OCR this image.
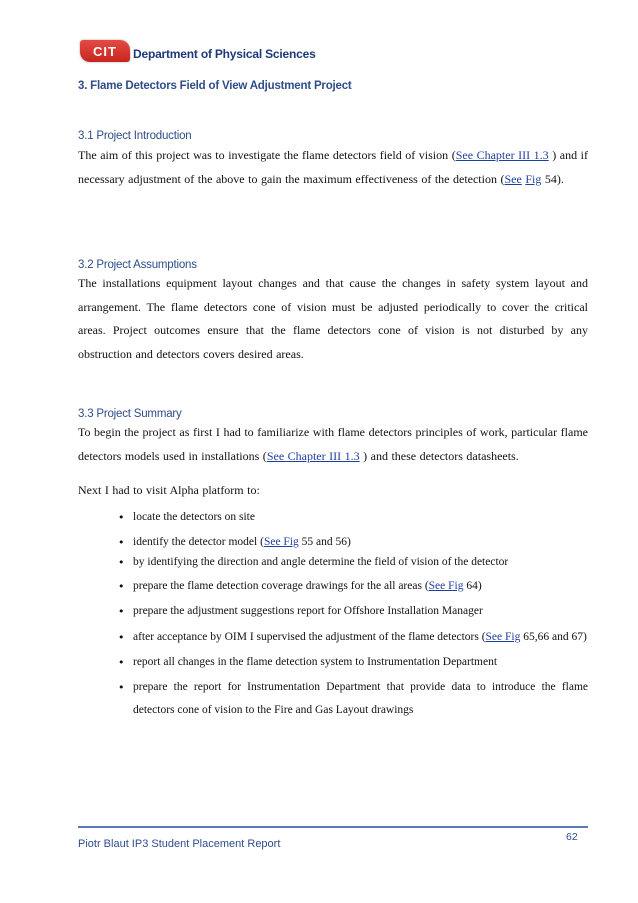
CIT Department of Physical Sciences
3. Flame Detectors Field of View Adjustment Project
3.1 Project Introduction
The aim of this project was to investigate the flame detectors field of vision (See Chapter III 1.3 ) and if necessary adjustment of the above to gain the maximum effectiveness of the detection (See Fig 54).
3.2 Project Assumptions
The installations equipment layout changes and that cause the changes in safety system layout and arrangement. The flame detectors cone of vision must be adjusted periodically to cover the critical areas. Project outcomes ensure that the flame detectors cone of vision is not disturbed by any obstruction and detectors covers desired areas.
3.3 Project Summary
To begin the project as first I had to familiarize with flame detectors principles of work, particular flame detectors models used in installations (See Chapter III 1.3 ) and these detectors datasheets.
Next I had to visit Alpha platform to:
• locate the detectors on site
• identify the detector model (See Fig 55 and 56)
• by identifying the direction and angle determine the field of vision of the detector
• prepare the flame detection coverage drawings for the all areas (See Fig 64)
• prepare the adjustment suggestions report for Offshore Installation Manager
• after acceptance by OIM I supervised the adjustment of the flame detectors (See Fig 65,66 and 67)
• report all changes in the flame detection system to Instrumentation Department
• prepare the report for Instrumentation Department that provide data to introduce the flame detectors cone of vision to the Fire and Gas Layout drawings
Piotr Blaut IP3 Student Placement Report
62
